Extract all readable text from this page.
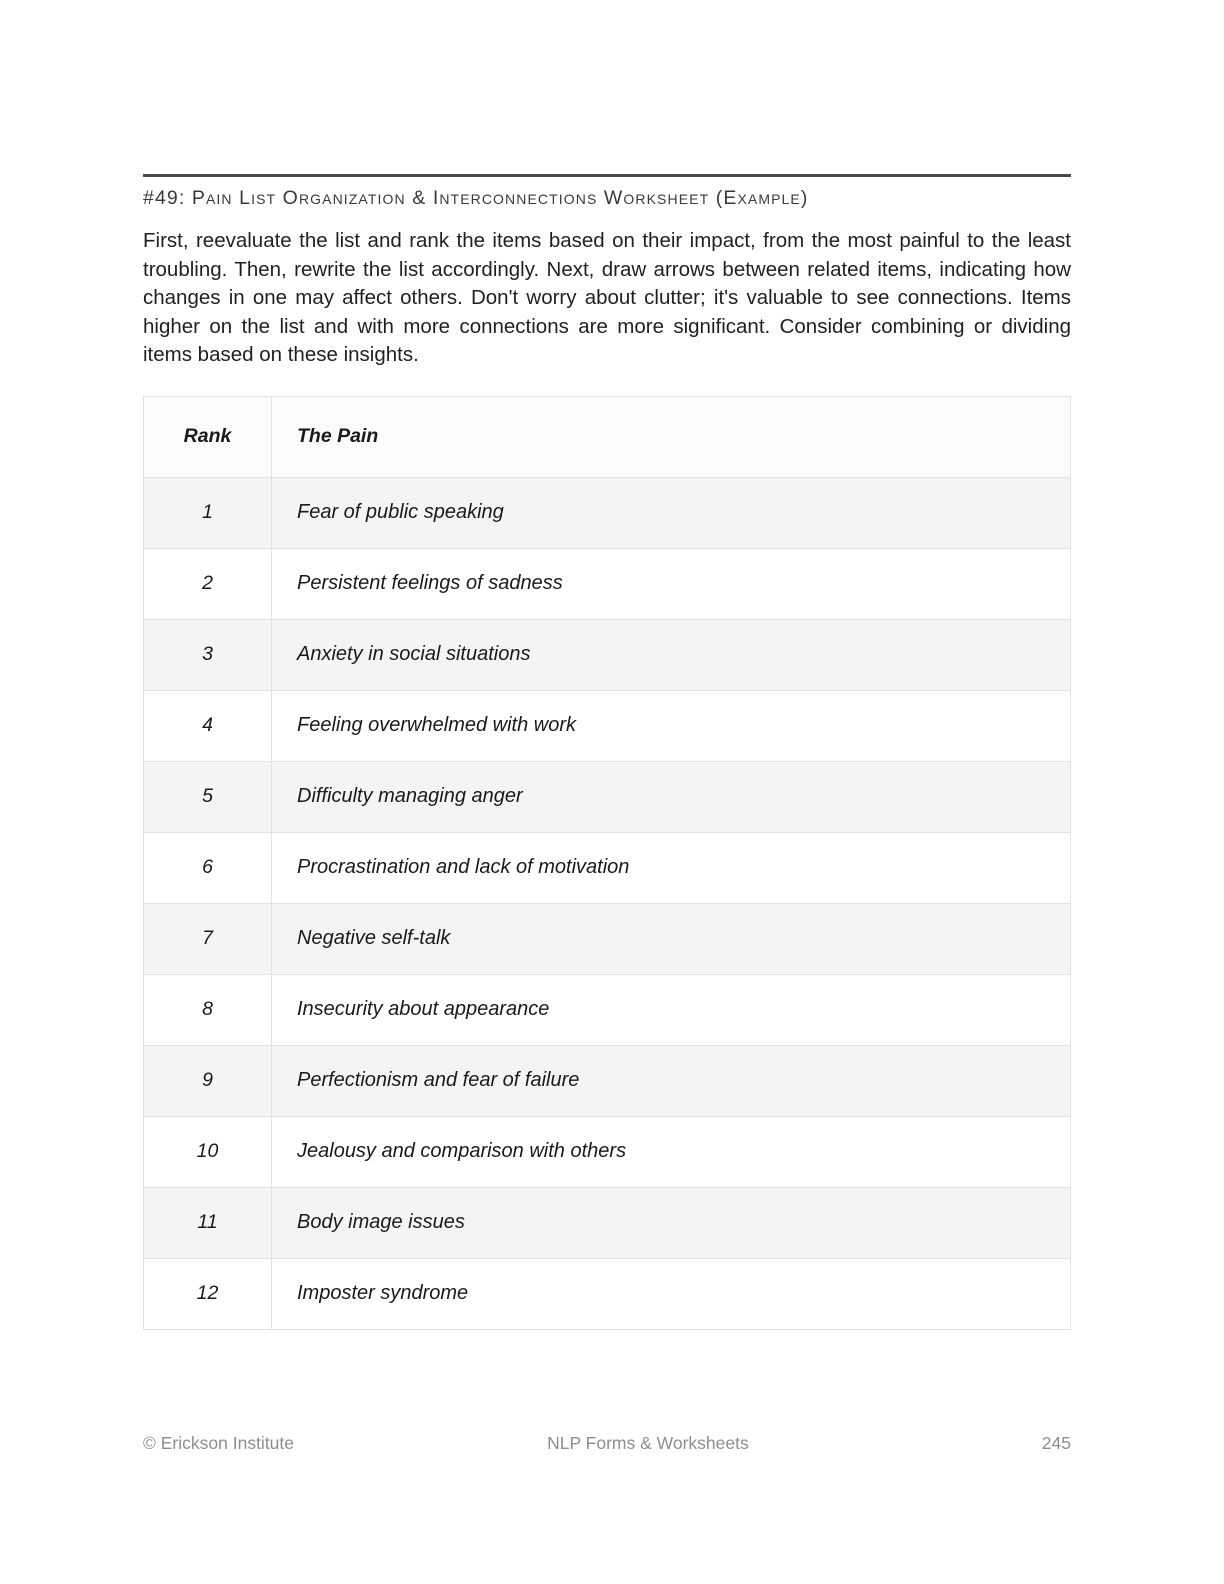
#49: Pain List Organization & Interconnections Worksheet (Example)

First, reevaluate the list and rank the items based on their impact, from the most painful to the least troubling. Then, rewrite the list accordingly. Next, draw arrows between related items, indicating how changes in one may affect others. Don't worry about clutter; it's valuable to see connections. Items higher on the list and with more connections are more significant. Consider combining or dividing items based on these insights.

Rank	The Pain
1	Fear of public speaking
2	Persistent feelings of sadness
3	Anxiety in social situations
4	Feeling overwhelmed with work
5	Difficulty managing anger
6	Procrastination and lack of motivation
7	Negative self-talk
8	Insecurity about appearance
9	Perfectionism and fear of failure
10	Jealousy and comparison with others
11	Body image issues
12	Imposter syndrome
© Erickson Institute	NLP Forms & Worksheets	245
